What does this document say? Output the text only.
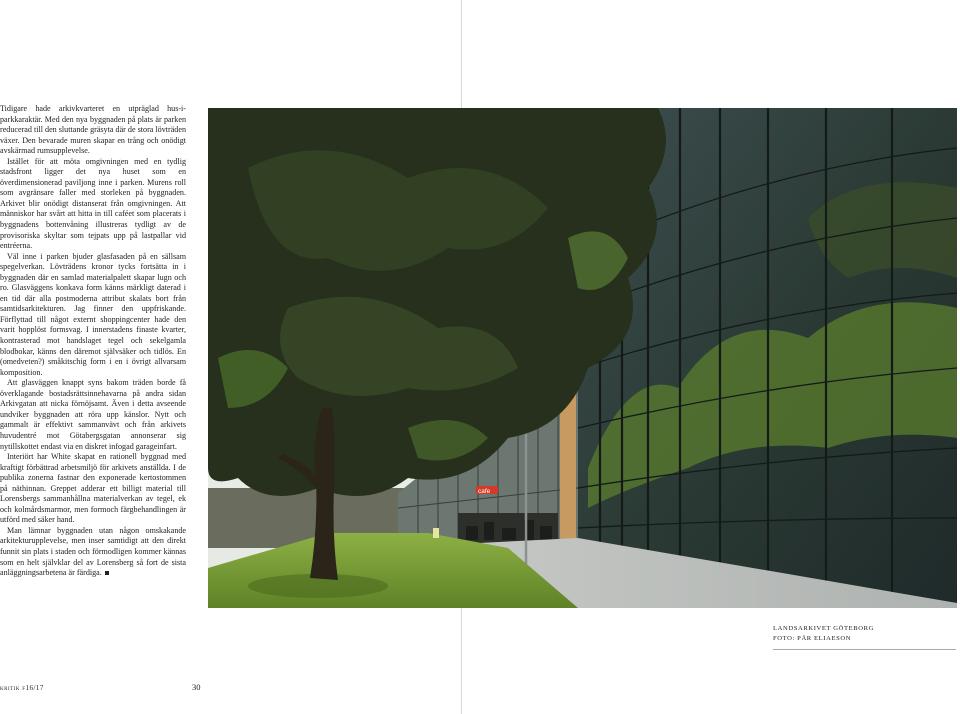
Tidigare hade arkivkvarteret en utpräglad hus-i-parkkaraktär. Med den nya byggnaden på plats är parken reducerad till den sluttande gräsyta där de stora lövträden växer. Den bevarade muren skapar en trång och onödigt avskärmad rumsupplevelse.

Istället för att möta omgivningen med en tydlig stadsfront ligger det nya huset som en överdimensionerad paviljong inne i parken. Murens roll som avgränsare faller med storleken på byggnaden. Arkivet blir onödigt distanserat från omgivningen. Att människor har svårt att hitta in till caféet som placerats i byggnadens bottenvåning illustreras tydligt av de provisoriska skyltar som tejpats upp på lastpallar vid entréerna.

Väl inne i parken bjuder glasfasaden på en sällsam spegelverkan. Lövträdens kronor tycks fortsätta in i byggnaden där en samlad materialpalett skapar lugn och ro. Glasväggens konkava form känns märkligt daterad i en tid där alla postmoderna attribut skalats bort från samtidsarkitekturen. Jag finner den uppfriskande. Förflyttad till något externt shoppingcenter hade den varit hopplöst formsvag. I innerstadens finaste kvarter, kontrasterad mot handslaget tegel och sekelgamla blodbokar, känns den däremot självsäker och tidlös. En (omedveten?) småkitschig form i en i övrigt allvarsam komposition.

Att glasväggen knappt syns bakom träden borde få överklagande bostadsrättsinnehavarna på andra sidan Arkivgatan att nicka förnöjsamt. Även i detta avseende undviker byggnaden att röra upp känslor. Nytt och gammalt är effektivt sammanvävt och från arkivets huvudentré mot Götabergsgatan annonserar sig nytillskottet endast via en diskret infogad garageinfart.

Interiört har White skapat en rationell byggnad med kraftigt förbättrad arbetsmiljö för arkivets anställda. I de publika zonerna fastnar den exponerade kertostommen på näthinnan. Greppet adderar ett billigt material till Lorensbergs sammanhållna materialverkan av tegel, ek och kolmårdsmarmor, men formoch färgbehandlingen är utförd med säker hand.

Man lämnar byggnaden utan någon omskakande arkitekturupplevelse, men inser samtidigt att den direkt funnit sin plats i staden och förmodligen kommer kännas som en helt självklar del av Lorensberg så fort de sista anläggningsarbetena är färdiga.

kritik f16/17	30
cafe
LANDSARKIVET GÖTEBORG
FOTO: PÄR ELIAESON
